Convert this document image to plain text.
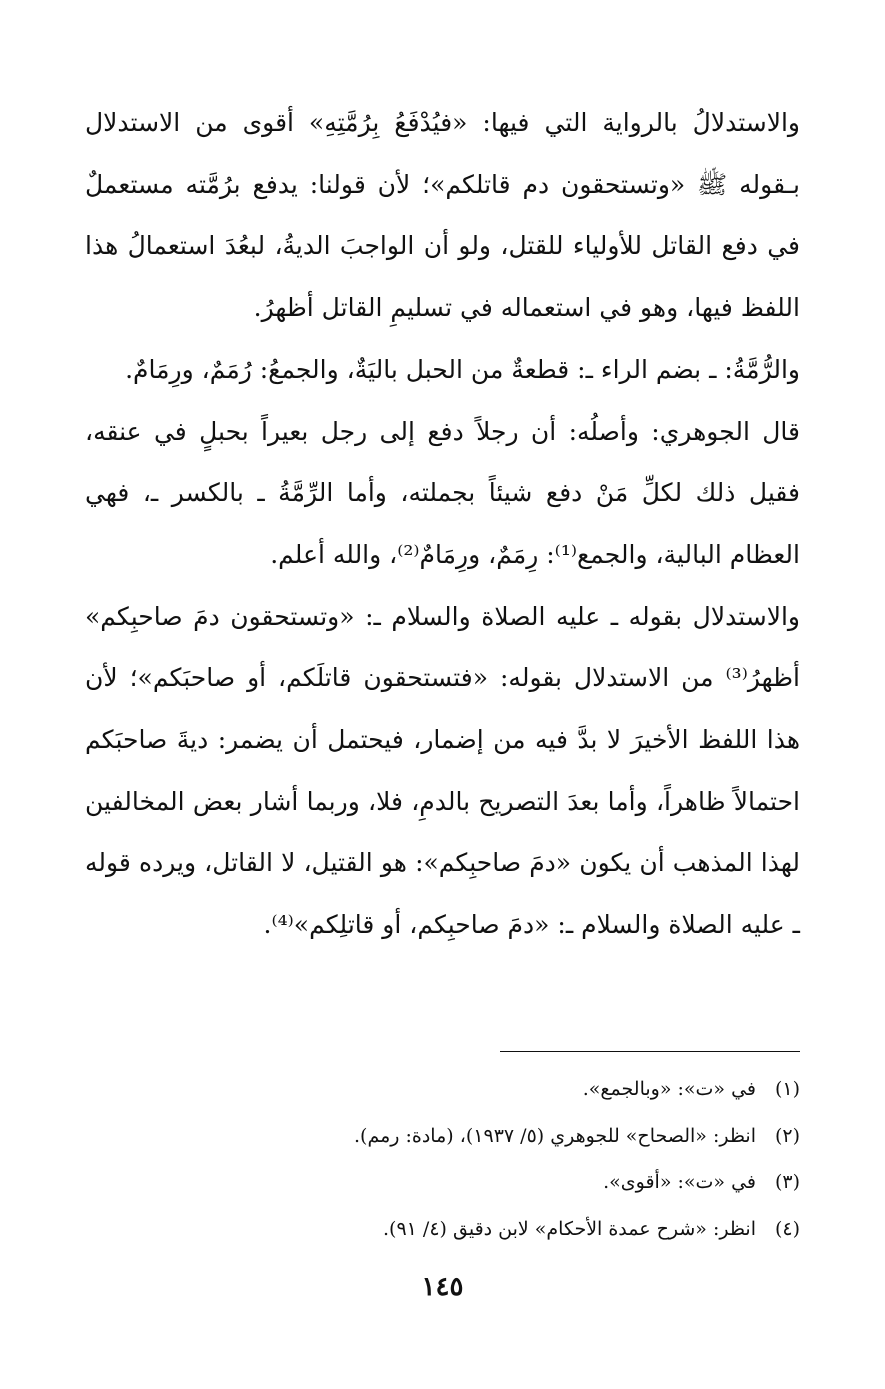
والاستدلالُ بالرواية التي فيها: «فيُدْفَعُ بِرُمَّتِهِ» أقوى من الاستدلال بـقوله ﷺ «وتستحقون دم قاتلكم»؛ لأن قولنا: يدفع برُمَّته مستعملٌ في دفع القاتل للأولياء للقتل، ولو أن الواجبَ الديةُ، لبعُدَ استعمالُ هذا اللفظ فيها، وهو في استعماله في تسليمِ القاتل أظهرُ.

والرُّمَّةُ: ـ بضم الراء ـ: قطعةٌ من الحبل باليَةٌ، والجمعُ: رُمَمٌ، ورِمَامٌ.

قال الجوهري: وأصلُه: أن رجلاً دفع إلى رجل بعيراً بحبلٍ في عنقه، فقيل ذلك لكلِّ مَنْ دفع شيئاً بجملته، وأما الرِّمَّةُ ـ بالكسر ـ، فهي العظام البالية، والجمع⁽¹⁾: رِمَمٌ، ورِمَامٌ⁽²⁾، والله أعلم.

والاستدلال بقوله ـ عليه الصلاة والسلام ـ: «وتستحقون دمَ صاحبِكم» أظهرُ⁽³⁾ من الاستدلال بقوله: «فتستحقون قاتلَكم، أو صاحبَكم»؛ لأن هذا اللفظ الأخيرَ لا بدَّ فيه من إضمار، فيحتمل أن يضمر: ديةَ صاحبَكم احتمالاً ظاهراً، وأما بعدَ التصريح بالدمِ، فلا، وربما أشار بعض المخالفين لهذا المذهب أن يكون «دمَ صاحبِكم»: هو القتيل، لا القاتل، ويرده قوله ـ عليه الصلاة والسلام ـ: «دمَ صاحبِكم، أو قاتلِكم»⁽⁴⁾.

(١)في «ت»: «وبالجمع».
(٢)انظر: «الصحاح» للجوهري (٥/ ١٩٣٧)، (مادة: رمم).
(٣)في «ت»: «أقوى».
(٤)انظر: «شرح عمدة الأحكام» لابن دقيق (٤/ ٩١).
١٤٥
